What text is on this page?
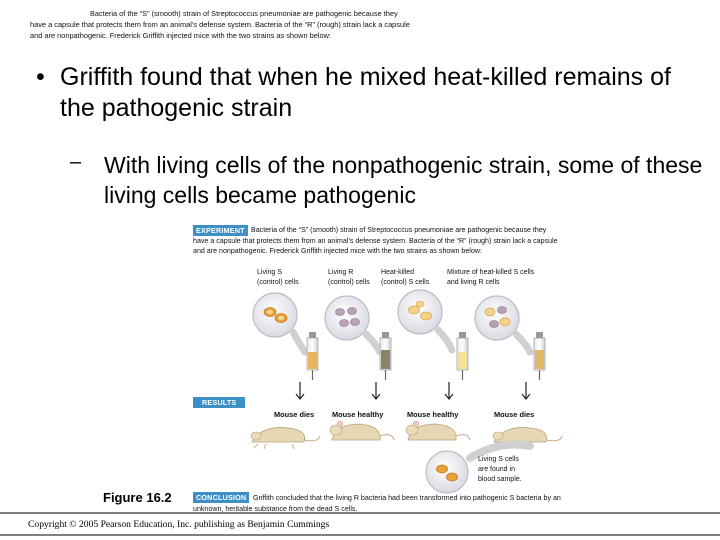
Bacteria of the “S” (smooth) strain of Streptococcus pneumoniae are pathogenic because they
have a capsule that protects them from an animal’s defense system. Bacteria of the “R” (rough) strain lack a capsule
and are nonpathogenic. Frederick Griffith injected mice with the two strains as shown below:
• Griffith found that when he mixed heat-killed remains of the pathogenic strain
– With living cells of the nonpathogenic strain, some of these living cells became pathogenic
EXPERIMENT Bacteria of the “S” (smooth) strain of Streptococcus pneumoniae are pathogenic because they
have a capsule that protects them from an animal’s defense system. Bacteria of the “R” (rough) strain lack a capsule
and are nonpathogenic. Frederick Griffith injected mice with the two strains as shown below:
Living S
(control) cells
Living R
(control) cells
Heat-killed
(control) S cells
Mixture of heat-killed S cells
and living R cells
RESULTS
Mouse dies Mouse healthy	Mouse healthy	Mouse dies
Living S cells
are found in
blood sample.
Figure 16.2	CONCLUSION Griffith concluded that the living R bacteria had been transformed into pathogenic S bacteria by an
unknown, heritable substance from the dead S cells.
Copyright © 2005 Pearson Education, Inc. publishing as Benjamin Cummings
